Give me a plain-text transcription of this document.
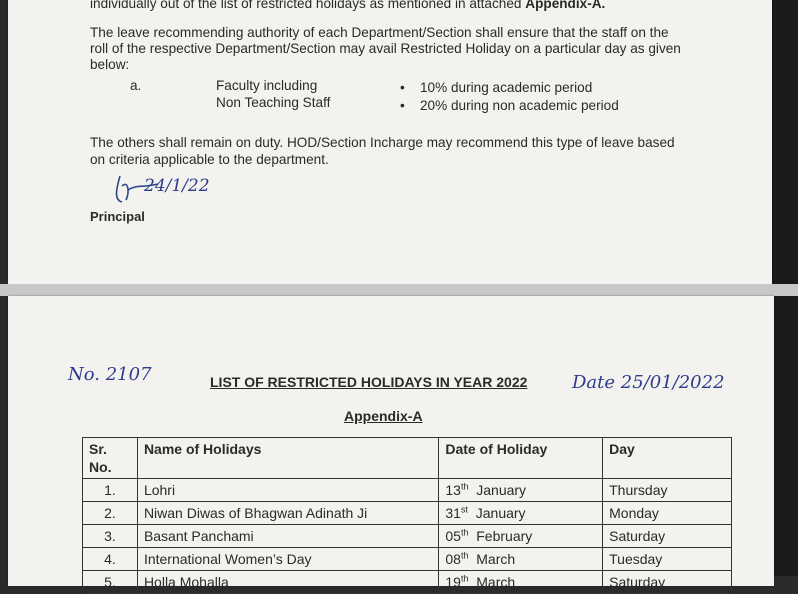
individually out of the list of restricted holidays as mentioned in attached Appendix-A.
The leave recommending authority of each Department/Section shall ensure that the staff on the
roll of the respective Department/Section may avail Restricted Holiday on a particular day as given
below:
a.	Faculty including
Non Teaching Staff
• 10% during academic period
• 20% during non academic period
The others shall remain on duty. HOD/Section Incharge may recommend this type of leave based
on criteria applicable to the department.
24/1/22
Principal
No. 2107	LIST OF RESTRICTED HOLIDAYS IN YEAR 2022 Date 25/01/2022
Appendix-A
Sr.
No.	Name of Holidays	Date of Holiday	Day
1.	Lohri	13th January	Thursday
2.	Niwan Diwas of Bhagwan Adinath Ji	31st January	Monday
3.	Basant Panchami	05th February	Saturday
4.	International Women’s Day	08th March	Tuesday
5.	Holla Mohalla	19th March	Saturday
